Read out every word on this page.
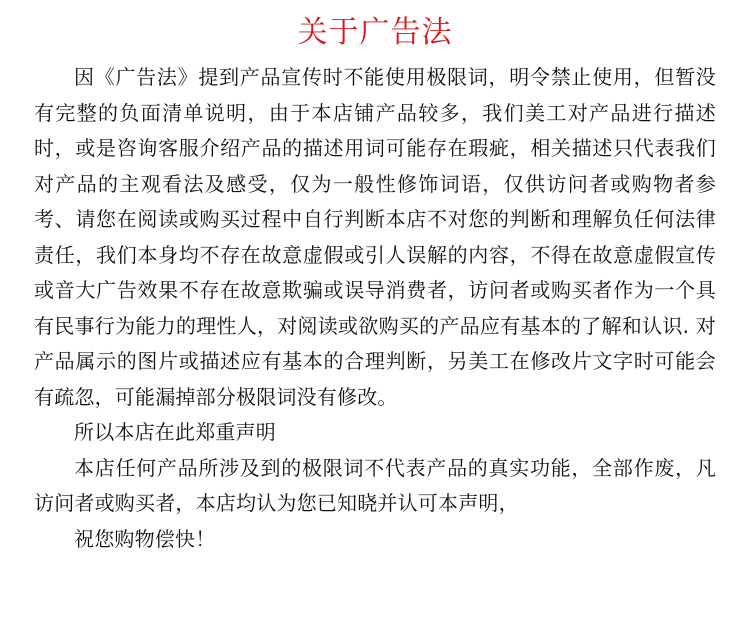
关于广告法

因《广告法》提到产品宣传时不能使用极限词，明令禁止使用，但暂没有完整的负面清单说明，由于本店铺产品较多，我们美工对产品进行描述时，或是咨询客服介绍产品的描述用词可能存在瑕疵，相关描述只代表我们对产品的主观看法及感受，仅为一般性修饰词语，仅供访问者或购物者参考、请您在阅读或购买过程中自行判断本店不对您的判断和理解负任何法律责任，我们本身均不存在故意虚假或引人误解的内容，不得在故意虚假宣传或音大广告效果不存在故意欺骗或误导消费者，访问者或购买者作为一个具有民事行为能力的理性人，对阅读或欲购买的产品应有基本的了解和认识. 对产品属示的图片或描述应有基本的合理判断，另美工在修改片文字时可能会有疏忽，可能漏掉部分极限词没有修改。

所以本店在此郑重声明

本店任何产品所涉及到的极限词不代表产品的真实功能，全部作废，凡访问者或购买者，本店均认为您已知晓并认可本声明，

祝您购物偿快！
